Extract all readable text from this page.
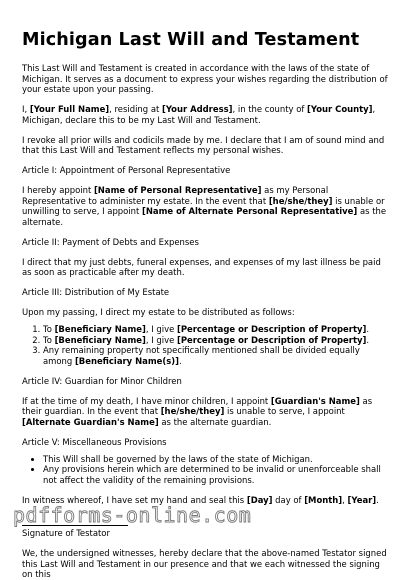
Michigan Last Will and Testament

This Last Will and Testament is created in accordance with the laws of the state of Michigan. It serves as a document to express your wishes regarding the distribution of your estate upon your passing.

I, [Your Full Name], residing at [Your Address], in the county of [Your County], Michigan, declare this to be my Last Will and Testament.

I revoke all prior wills and codicils made by me. I declare that I am of sound mind and that this Last Will and Testament reflects my personal wishes.

Article I: Appointment of Personal Representative

I hereby appoint [Name of Personal Representative] as my Personal Representative to administer my estate. In the event that [he/she/they] is unable or unwilling to serve, I appoint [Name of Alternate Personal Representative] as the alternate.

Article II: Payment of Debts and Expenses

I direct that my just debts, funeral expenses, and expenses of my last illness be paid as soon as practicable after my death.

Article III: Distribution of My Estate

Upon my passing, I direct my estate to be distributed as follows:

1. To [Beneficiary Name], I give [Percentage or Description of Property].
2. To [Beneficiary Name], I give [Percentage or Description of Property].
3. Any remaining property not specifically mentioned shall be divided equally among [Beneficiary Name(s)].
Article IV: Guardian for Minor Children

If at the time of my death, I have minor children, I appoint [Guardian's Name] as their guardian. In the event that [he/she/they] is unable to serve, I appoint [Alternate Guardian's Name] as the alternate guardian.

Article V: Miscellaneous Provisions
• This Will shall be governed by the laws of the state of Michigan.
• Any provisions herein which are determined to be invalid or unenforceable shall not affect the validity of the remaining provisions.

In witness whereof, I have set my hand and seal this [Day] day of [Month], [Year].

Signature of Testator

We, the undersigned witnesses, hereby declare that the above-named Testator signed this Last Will and Testament in our presence and that we each witnessed the signing on this

pdfforms-online.com
